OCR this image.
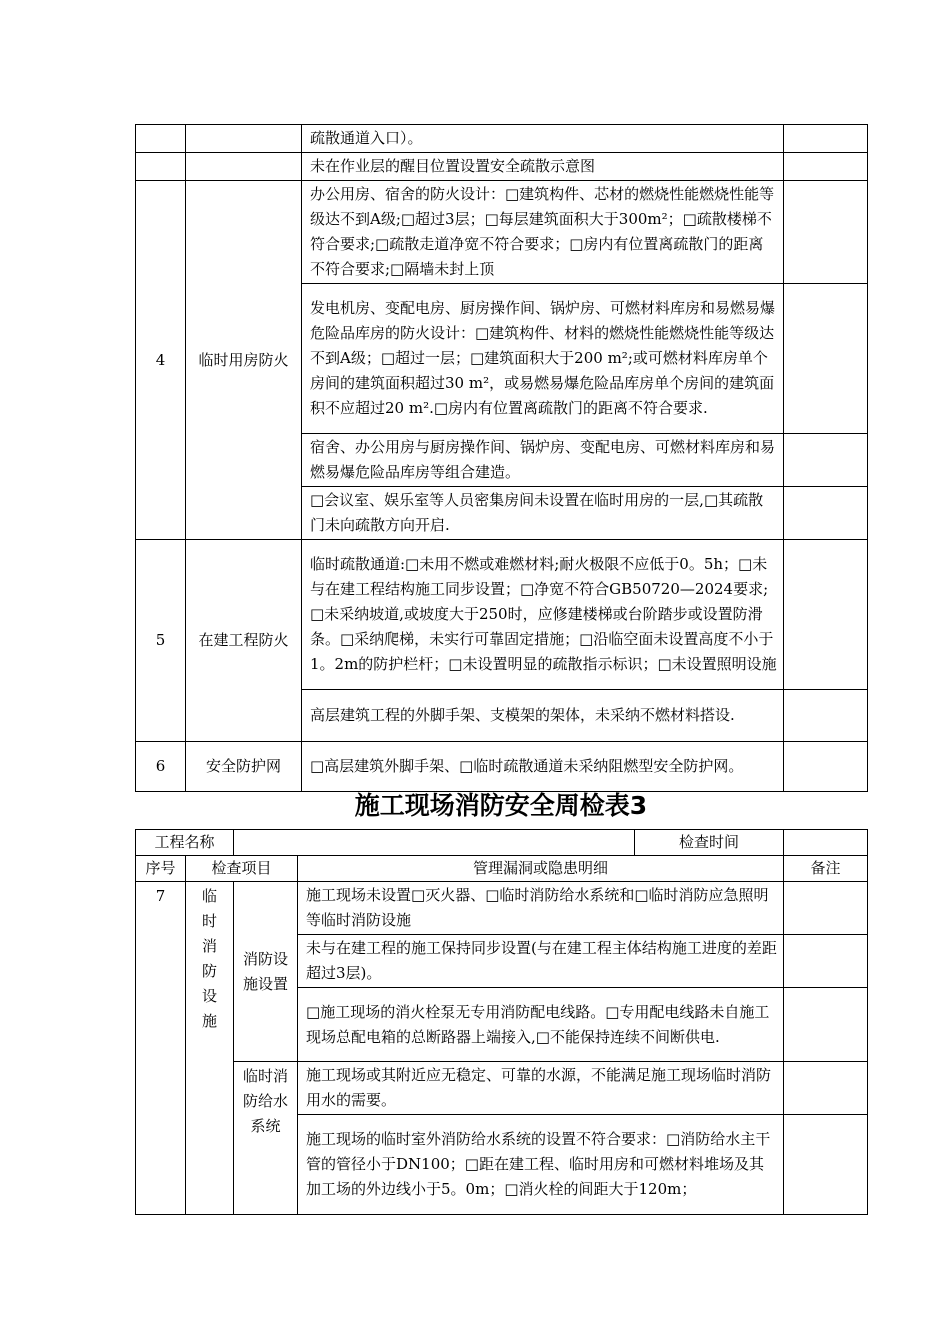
		疏散通道入口）。	
		未在作业层的醒目位置设置安全疏散示意图	
4	临时用房防火	办公用房、宿舍的防火设计：□建筑构件、芯材的燃烧性能燃烧性能等级达不到A级;□超过3层；□每层建筑面积大于300m²；□疏散楼梯不符合要求;□疏散走道净宽不符合要求；□房内有位置离疏散门的距离不符合要求;□隔墙未封上顶	
		发电机房、变配电房、厨房操作间、锅炉房、可燃材料库房和易燃易爆危险品库房的防火设计：□建筑构件、材料的燃烧性能燃烧性能等级达不到A级；□超过一层；□建筑面积大于200 m²;或可燃材料库房单个房间的建筑面积超过30 m²，或易燃易爆危险品库房单个房间的建筑面积不应超过20 m².□房内有位置离疏散门的距离不符合要求.	
		宿舍、办公用房与厨房操作间、锅炉房、变配电房、可燃材料库房和易燃易爆危险品库房等组合建造。	
		□会议室、娱乐室等人员密集房间未设置在临时用房的一层,□其疏散门未向疏散方向开启.	
5	在建工程防火	临时疏散通道:□未用不燃或难燃材料;耐火极限不应低于0。5h；□未与在建工程结构施工同步设置；□净宽不符合GB50720—2024要求;□未采纳坡道,或坡度大于250时，应修建楼梯或台阶踏步或设置防滑条。□采纳爬梯，未实行可靠固定措施；□沿临空面未设置高度不小于1。2m的防护栏杆；□未设置明显的疏散指示标识；□未设置照明设施	
		高层建筑工程的外脚手架、支模架的架体，未采纳不燃材料搭设.	
6	安全防护网	□高层建筑外脚手架、□临时疏散通道未采纳阻燃型安全防护网。	
施工现场消防安全周检表3
工程名称				检查时间	
序号	检查项目		管理漏洞或隐患明细		备注
7	临时消防设施	消防设施设置	施工现场未设置□灭火器、□临时消防给水系统和□临时消防应急照明等临时消防设施		
			未与在建工程的施工保持同步设置(与在建工程主体结构施工进度的差距超过3层)。		
			□施工现场的消火栓泵无专用消防配电线路。□专用配电线路未自施工现场总配电箱的总断路器上端接入,□不能保持连续不间断供电.		
		临时消防给水系统	施工现场或其附近应无稳定、可靠的水源，不能满足施工现场临时消防用水的需要。		
			施工现场的临时室外消防给水系统的设置不符合要求：□消防给水主干管的管径小于DN100；□距在建工程、临时用房和可燃材料堆场及其加工场的外边线小于5。0m；□消火栓的间距大于120m；		
